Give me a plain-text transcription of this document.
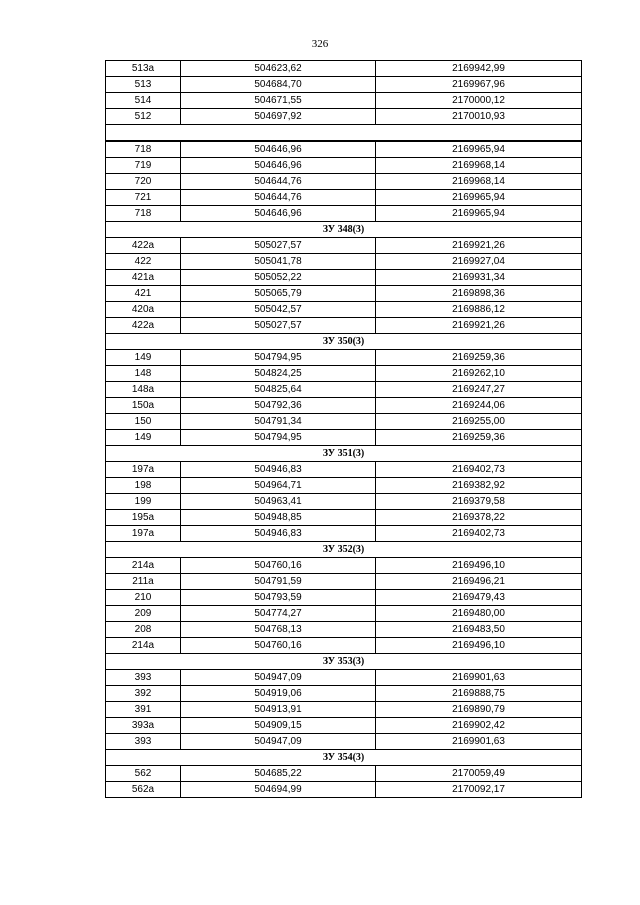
326
513а	504623,62	2169942,99
513	504684,70	2169967,96
514	504671,55	2170000,12
512	504697,92	2170010,93

718	504646,96	2169965,94
719	504646,96	2169968,14
720	504644,76	2169968,14
721	504644,76	2169965,94
718	504646,96	2169965,94
ЗУ 348(3)		
422а	505027,57	2169921,26
422	505041,78	2169927,04
421а	505052,22	2169931,34
421	505065,79	2169898,36
420а	505042,57	2169886,12
422а	505027,57	2169921,26
ЗУ 350(3)		
149	504794,95	2169259,36
148	504824,25	2169262,10
148а	504825,64	2169247,27
150а	504792,36	2169244,06
150	504791,34	2169255,00
149	504794,95	2169259,36
ЗУ 351(3)		
197а	504946,83	2169402,73
198	504964,71	2169382,92
199	504963,41	2169379,58
195а	504948,85	2169378,22
197а	504946,83	2169402,73
ЗУ 352(3)		
214а	504760,16	2169496,10
211а	504791,59	2169496,21
210	504793,59	2169479,43
209	504774,27	2169480,00
208	504768,13	2169483,50
214а	504760,16	2169496,10
ЗУ 353(3)		
393	504947,09	2169901,63
392	504919,06	2169888,75
391	504913,91	2169890,79
393а	504909,15	2169902,42
393	504947,09	2169901,63
ЗУ 354(3)		
562	504685,22	2170059,49
562а	504694,99	2170092,17
